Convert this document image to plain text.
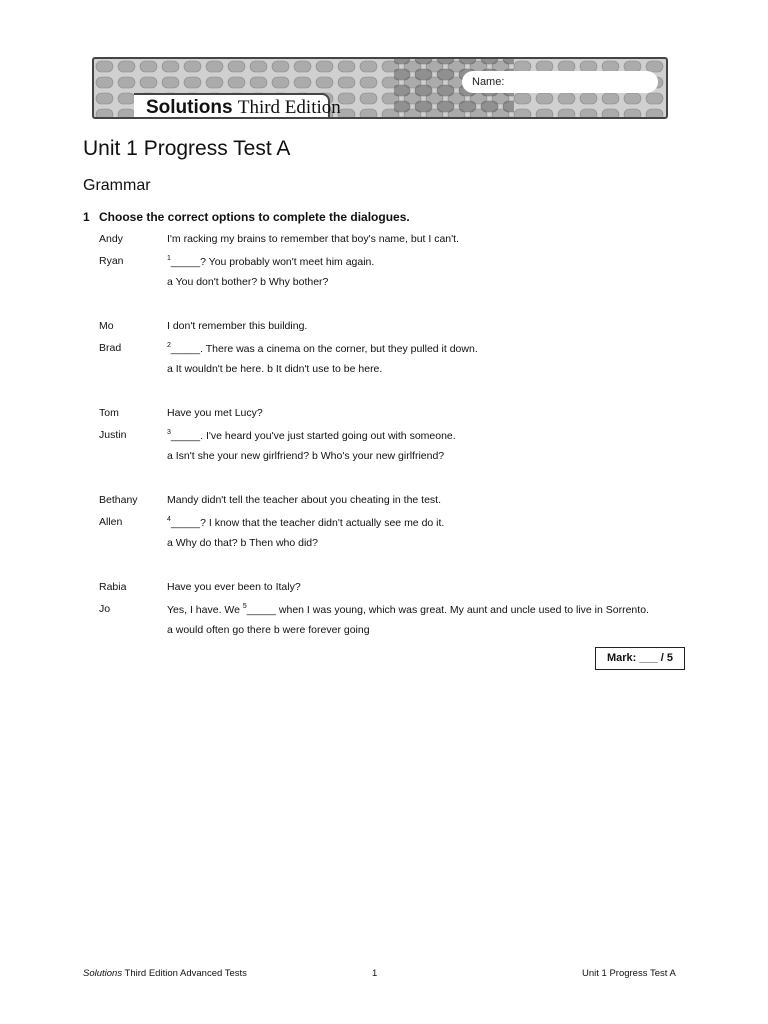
Name:
Solutions Third Edition
Unit 1 Progress Test A
Grammar
1 Choose the correct options to complete the dialogues.
Andy	I'm racking my brains to remember that boy's name, but I can't.
Ryan	$^1$_____? You probably won't meet him again.
a You don't bother? b Why bother?
Mo	I don't remember this building.
Brad	$^2$_____. There was a cinema on the corner, but they pulled it down.
a It wouldn't be here. b It didn't use to be here.
Tom	Have you met Lucy?
Justin	$^3$_____. I've heard you've just started going out with someone.
a Isn't she your new girlfriend? b Who's your new girlfriend?
Bethany	Mandy didn't tell the teacher about you cheating in the test.
Allen	$^4$_____? I know that the teacher didn't actually see me do it.
a Why do that? b Then who did?
Rabia	Have you ever been to Italy?
Jo	Yes, I have. We $^5$_____ when I was young, which was great. My aunt and uncle used to live in Sorrento.
a would often go there b were forever going
Mark: ___ / 5
Solutions Third Edition Advanced Tests	1	Unit 1 Progress Test A
